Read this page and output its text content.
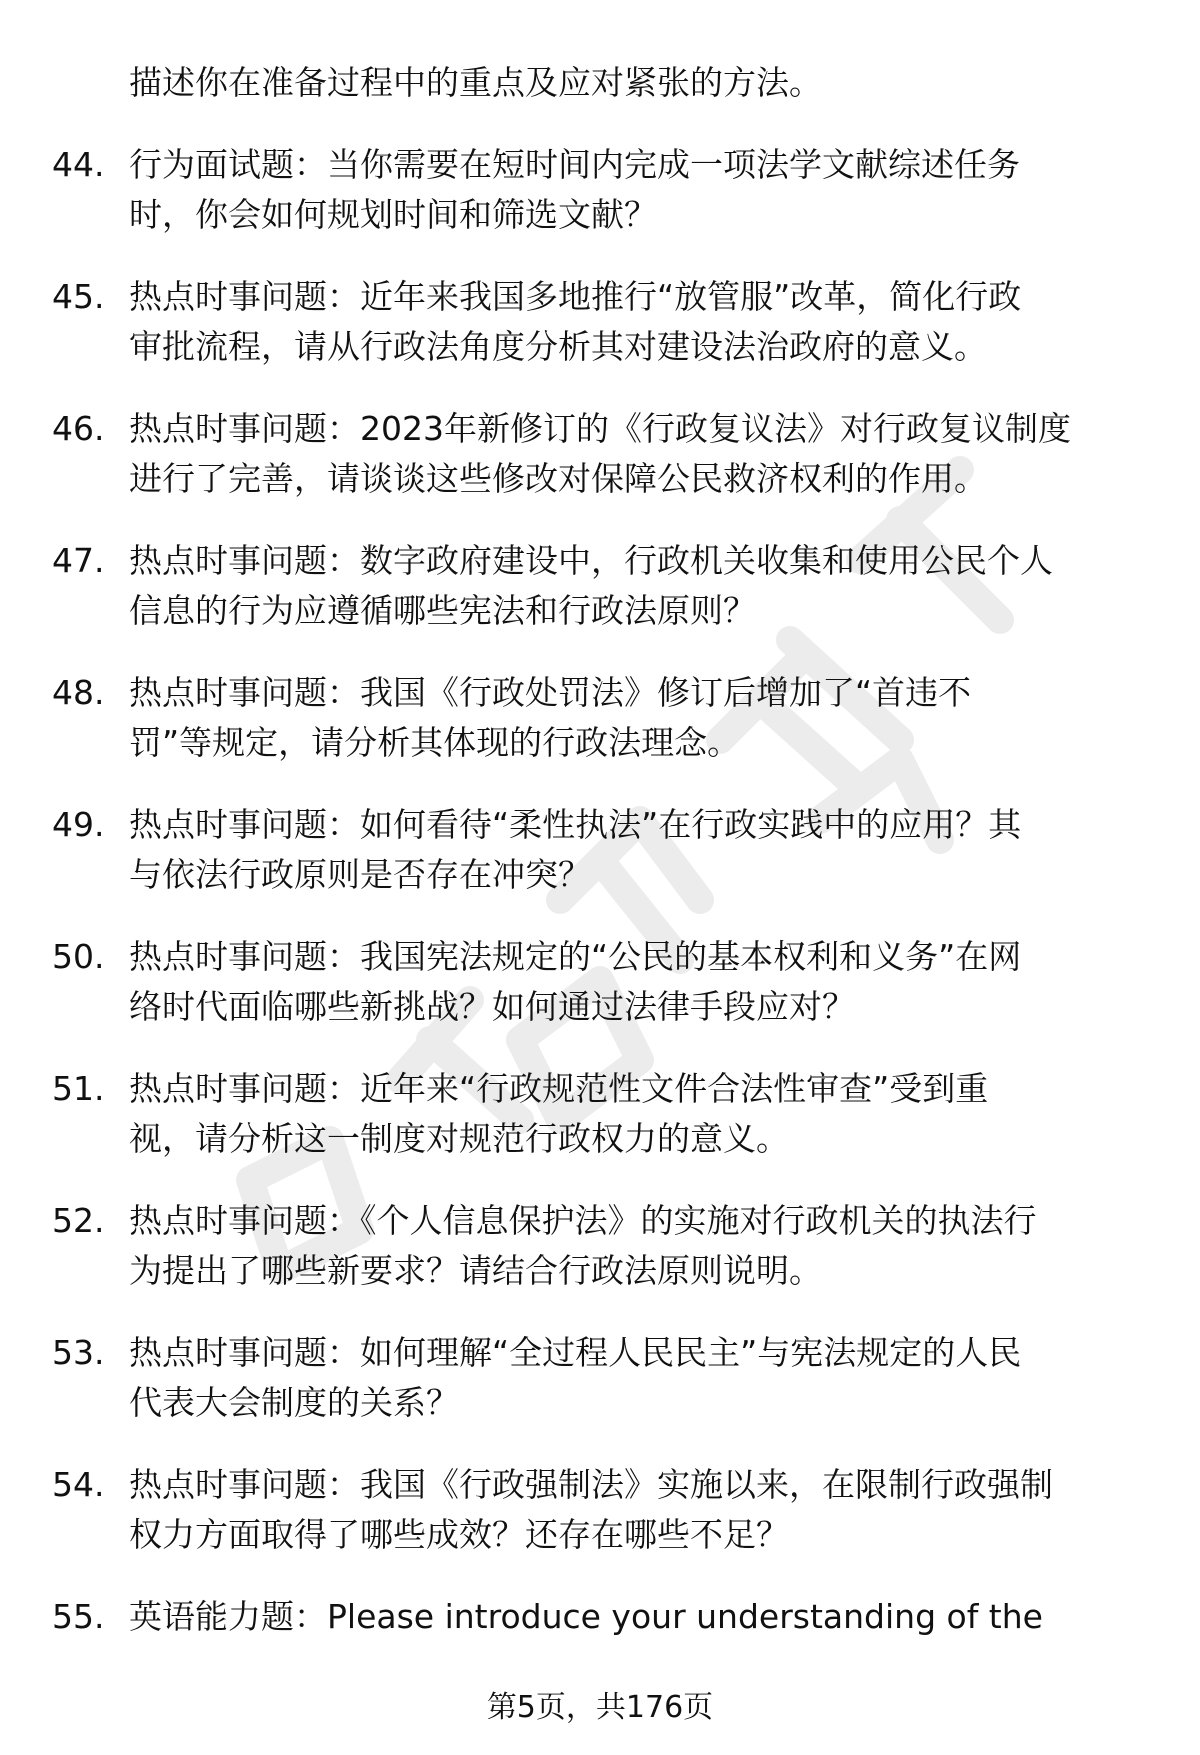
描述你在准备过程中的重点及应对紧张的方法。
44. 行为面试题：当你需要在短时间内完成一项法学文献综述任务
时，你会如何规划时间和筛选文献？
45. 热点时事问题：近年来我国多地推行“放管服”改革，简化行政
审批流程，请从行政法角度分析其对建设法治政府的意义。
46. 热点时事问题：2023年新修订的《行政复议法》对行政复议制度
进行了完善，请谈谈这些修改对保障公民救济权利的作用。
47. 热点时事问题：数字政府建设中，行政机关收集和使用公民个人
信息的行为应遵循哪些宪法和行政法原则？
48. 热点时事问题：我国《行政处罚法》修订后增加了“首违不
罚”等规定，请分析其体现的行政法理念。
49. 热点时事问题：如何看待“柔性执法”在行政实践中的应用？其
与依法行政原则是否存在冲突？
50. 热点时事问题：我国宪法规定的“公民的基本权利和义务”在网
络时代面临哪些新挑战？如何通过法律手段应对？
51. 热点时事问题：近年来“行政规范性文件合法性审查”受到重
视，请分析这一制度对规范行政权力的意义。
52. 热点时事问题：《个人信息保护法》的实施对行政机关的执法行
为提出了哪些新要求？请结合行政法原则说明。
53. 热点时事问题：如何理解“全过程人民民主”与宪法规定的人民
代表大会制度的关系？
54. 热点时事问题：我国《行政强制法》实施以来，在限制行政强制
权力方面取得了哪些成效？还存在哪些不足？
55. 英语能力题：Please introduce your understanding of the
第5页，共176页
